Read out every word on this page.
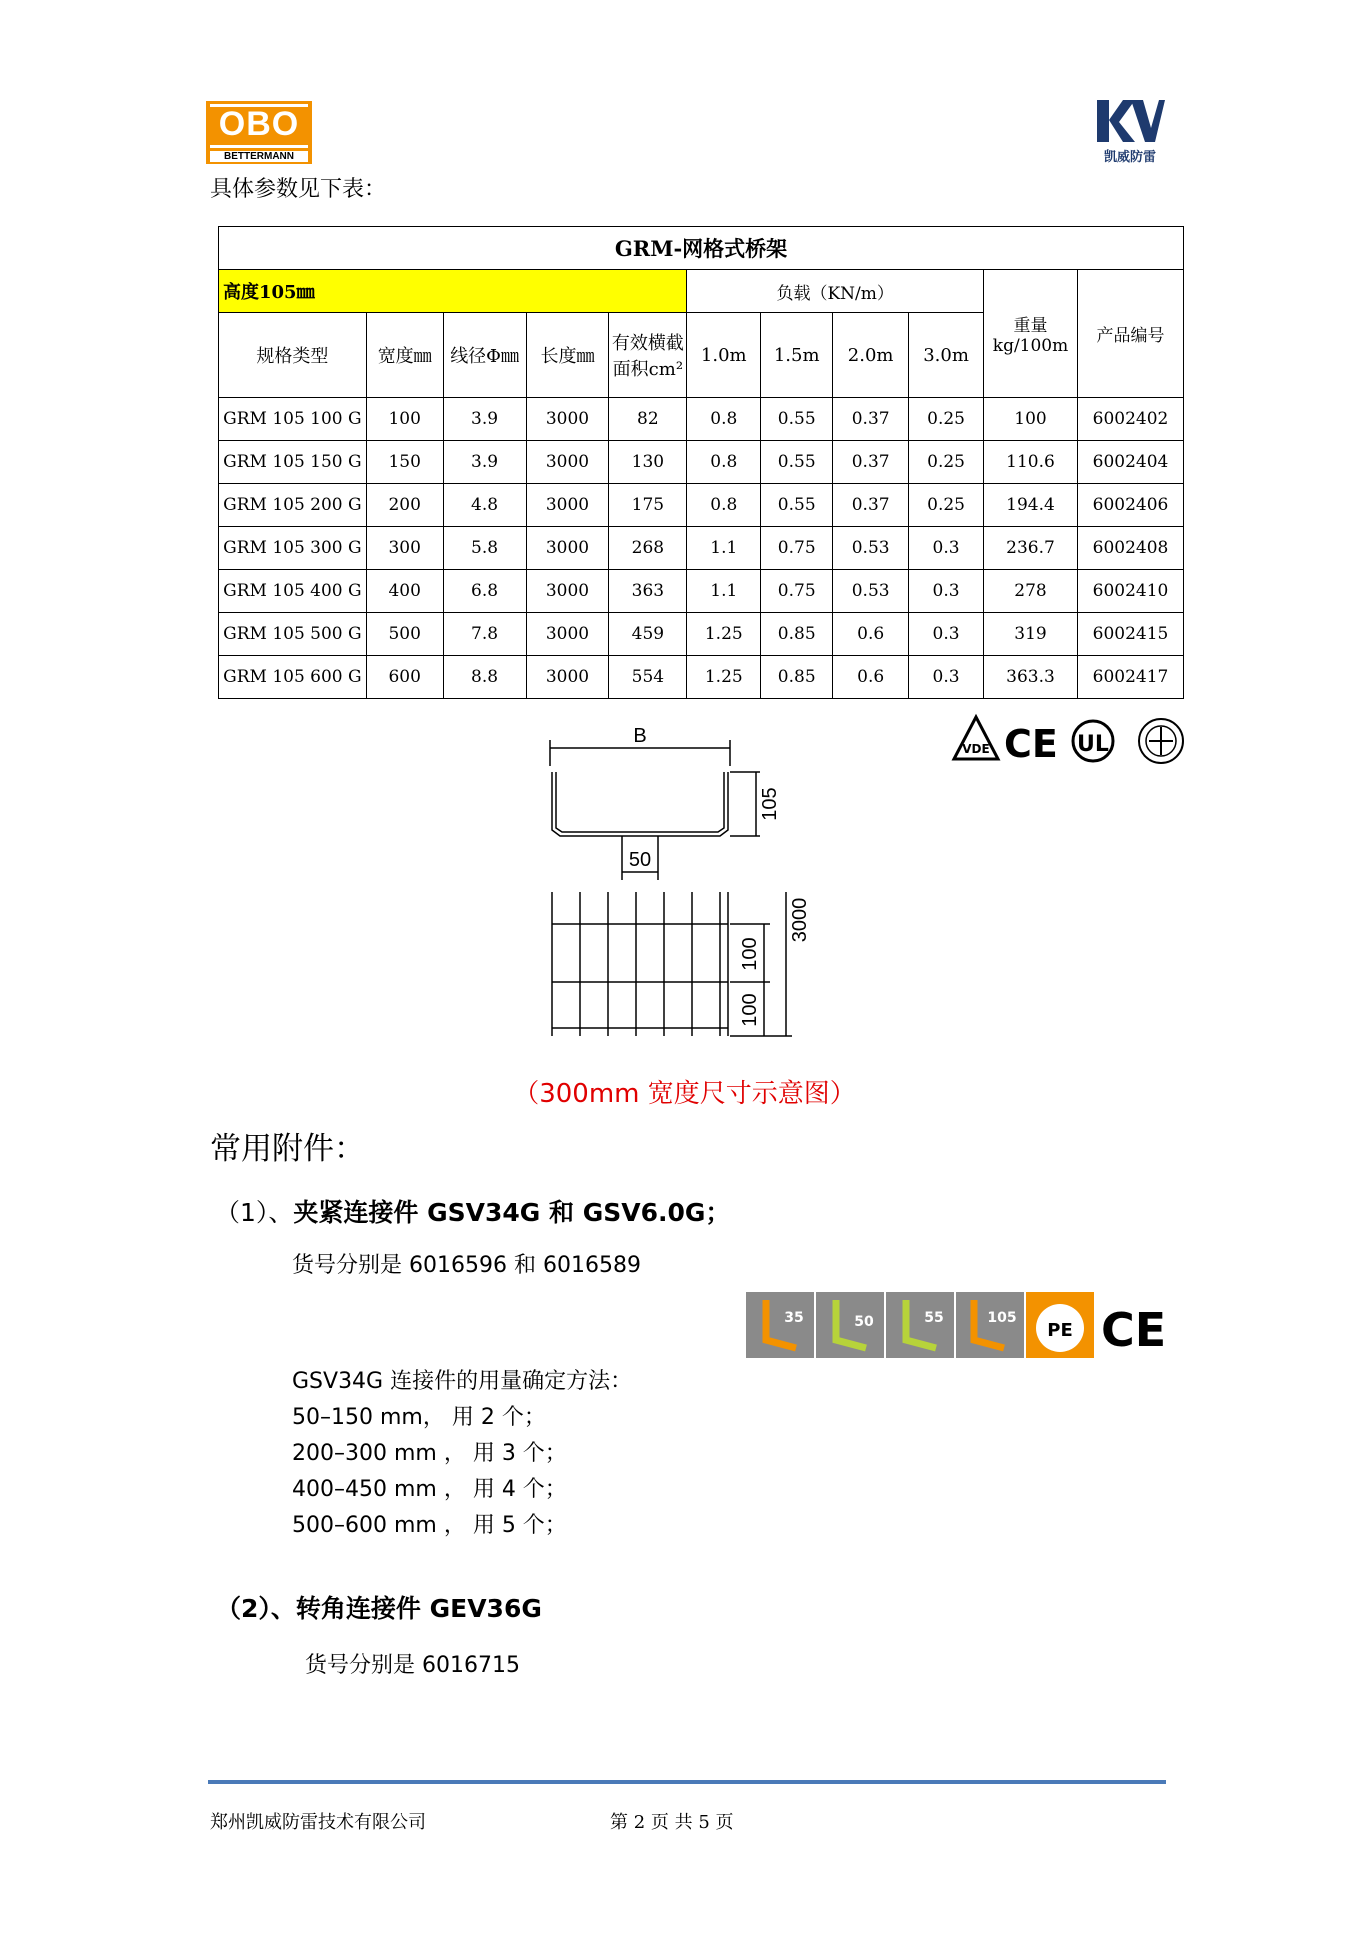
OBO
BETTERMANN	凯威防雷
具体参数见下表：
GRM-网格式桥架										
高度105㎜					负载（KN/m）				重量kg/100m	产品编号
规格类型	宽度㎜	线径Φ㎜	长度㎜	有效横截面积cm²	1.0m	1.5m	2.0m	3.0m		
GRM 105 100 G	100	3.9	3000	82	0.8	0.55	0.37	0.25	100	6002402
GRM 105 150 G	150	3.9	3000	130	0.8	0.55	0.37	0.25	110.6	6002404
GRM 105 200 G	200	4.8	3000	175	0.8	0.55	0.37	0.25	194.4	6002406
GRM 105 300 G	300	5.8	3000	268	1.1	0.75	0.53	0.3	236.7	6002408
GRM 105 400 G	400	6.8	3000	363	1.1	0.75	0.53	0.3	278	6002410
GRM 105 500 G	500	7.8	3000	459	1.25	0.85	0.6	0.3	319	6002415
GRM 105 600 G	600	8.8	3000	554	1.25	0.85	0.6	0.3	363.3	6002417
VDE CE UL
B
105
50
3000
100
100
（300mm 宽度尺寸示意图）
常用附件：
（1）、夹紧连接件 GSV34G 和 GSV6.0G；
货号分别是 6016596 和 6016589
35	50	55	105
PE CE
GSV34G 连接件的用量确定方法：
50–150 mm， 用 2 个；
200–300 mm ， 用 3 个；
400–450 mm ， 用 4 个；
500–600 mm ， 用 5 个；
（2）、转角连接件 GEV36G
货号分别是 6016715
郑州凯威防雷技术有限公司	第 2 页 共 5 页
